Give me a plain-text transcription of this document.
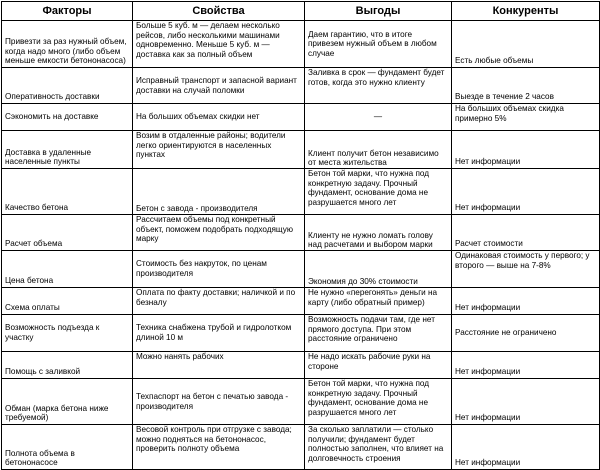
Факторы	Свойства	Выгоды	Конкуренты
Привезти за раз нужный объем, когда надо много (либо объем меньше емкости бетононасоса)	Больше 5 куб. м — делаем несколько рейсов, либо несколькими машинами одновременно. Меньше 5 куб. м — доставка как за полный объем	Даем гарантию, что в итоге привезем нужный объем в любом случае	Есть любые объемы
Оперативность доставки	Исправный транспорт и запасной вариант доставки на случай поломки	Заливка в срок — фундамент будет готов, когда это нужно клиенту	Выезде в течение 2 часов
Сэкономить на доставке	На больших объемах скидки нет	—	На больших объемах скидка примерно 5%
Доставка в удаленные населенные пункты	Возим в отдаленные районы; водители легко ориентируются в населенных пунктах	Клиент получит бетон независимо от места жительства	Нет информации
Качество бетона	Бетон с завода - производителя	Бетон той марки, что нужна под конкретную задачу. Прочный фундамент, основание дома не разрушается много лет	Нет информации
Расчет объема	Рассчитаем объемы под конкретный объект, поможем подобрать подходящую марку	Клиенту не нужно ломать голову над расчетами и выбором марки	Расчет стоимости
Цена бетона	Стоимость без накруток, по ценам производителя	Экономия до 30% стоимости	Одинаковая стоимость у первого; у второго — выше на 7-8%
Схема оплаты	Оплата по факту доставки; наличкой и по безналу	Не нужно «перегонять» деньги на карту (либо обратный пример)	Нет информации
Возможность подъезда к участку	Техника снабжена трубой и гидролотком длиной 10 м	Возможность подачи там, где нет прямого доступа. При этом расстояние ограничено	Расстояние не ограничено
Помощь с заливкой	Можно нанять рабочих	Не надо искать рабочие руки на стороне	Нет информации
Обман (марка бетона ниже требуемой)	Техпаспорт на бетон с печатью завода - производителя	Бетон той марки, что нужна под конкретную задачу. Прочный фундамент, основание дома не разрушается много лет	Нет информации
Полнота объема в бетононасосе	Весовой контроль при отгрузке с завода; можно подняться на бетононасос, проверить полноту объема	За сколько заплатили — столько получили; фундамент будет полностью заполнен, что влияет на долговечность строения	Нет информации
